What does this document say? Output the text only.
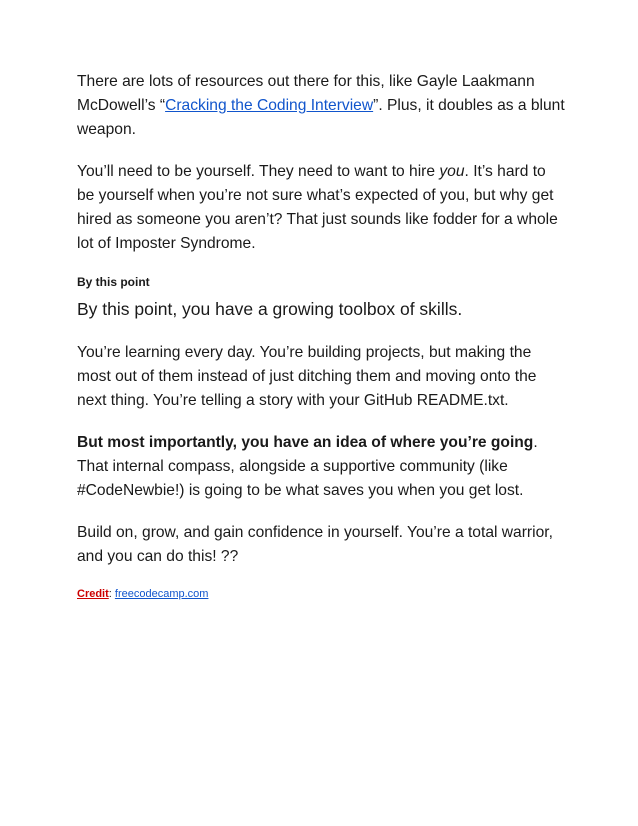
There are lots of resources out there for this, like Gayle Laakmann McDowell’s “Cracking the Coding Interview”. Plus, it doubles as a blunt weapon.

You’ll need to be yourself. They need to want to hire you. It’s hard to be yourself when you’re not sure what’s expected of you, but why get hired as someone you aren’t? That just sounds like fodder for a whole lot of Imposter Syndrome.

By this point

By this point, you have a growing toolbox of skills.

You’re learning every day. You’re building projects, but making the most out of them instead of just ditching them and moving onto the next thing. You’re telling a story with your GitHub README.txt.

But most importantly, you have an idea of where you’re going. That internal compass, alongside a supportive community (like #CodeNewbie!) is going to be what saves you when you get lost.

Build on, grow, and gain confidence in yourself. You’re a total warrior, and you can do this! ??

Credit: freecodecamp.com
